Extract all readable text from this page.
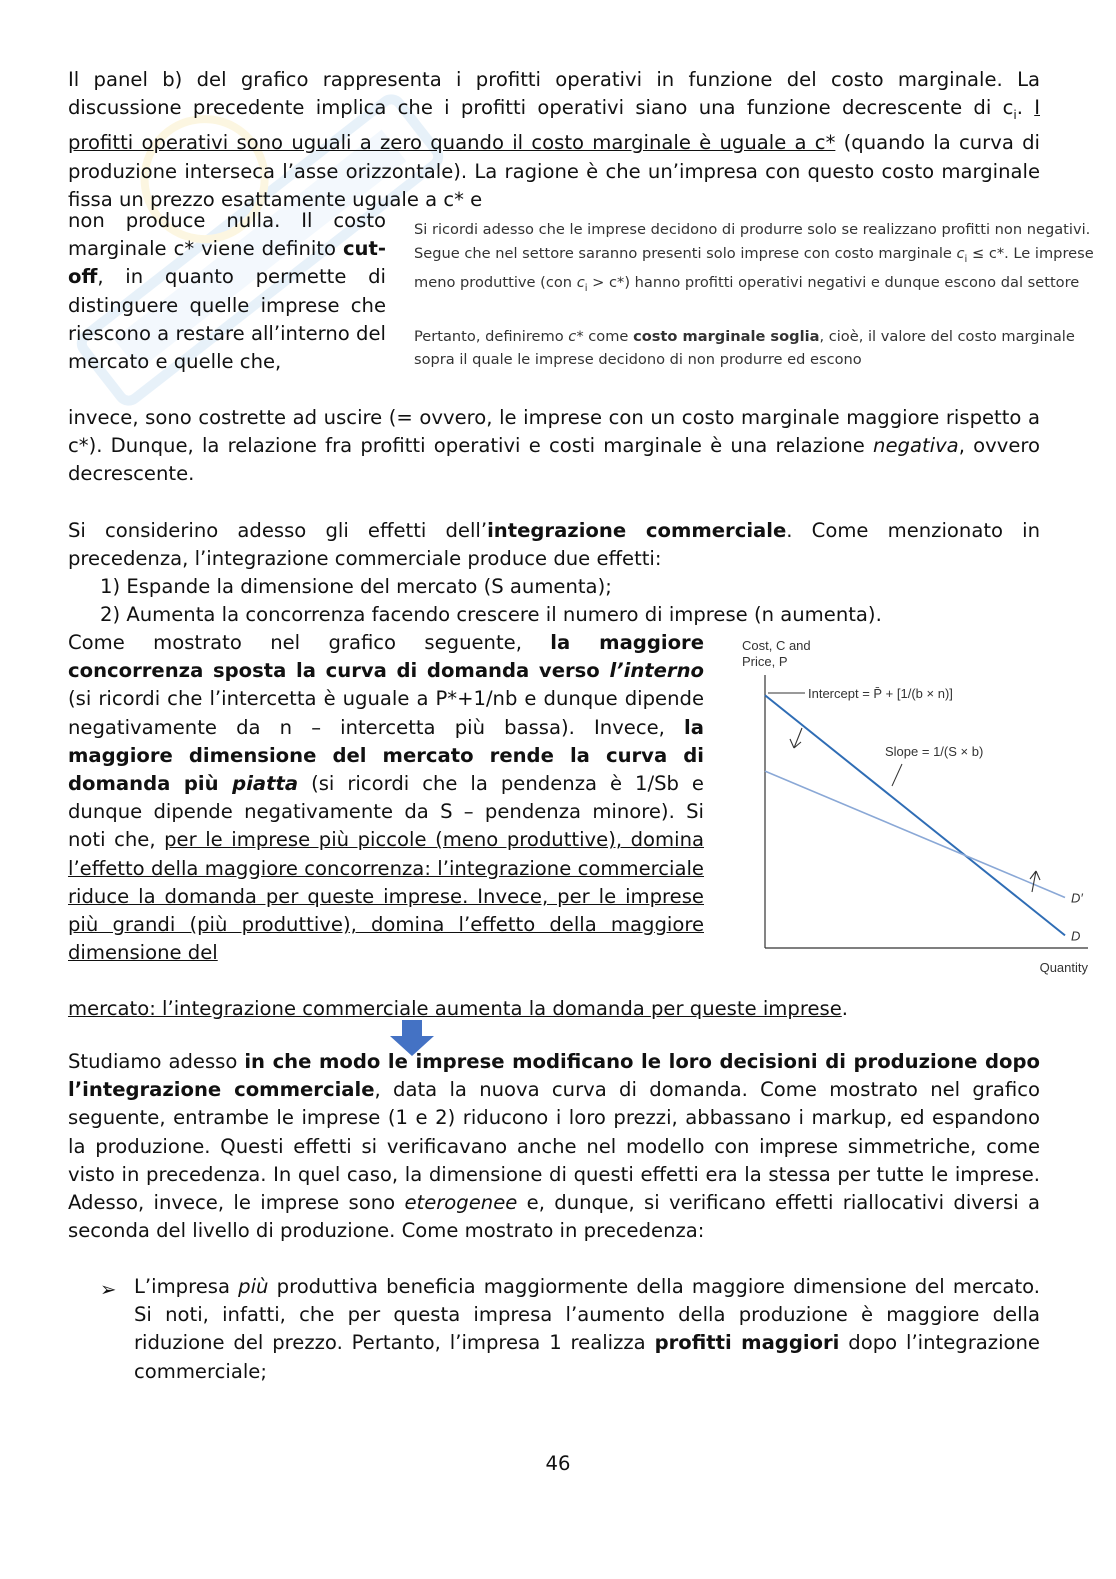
Il panel b) del grafico rappresenta i profitti operativi in funzione del costo marginale. La discussione precedente implica che i profitti operativi siano una funzione decrescente di $c_i$. I profitti operativi sono uguali a zero quando il costo marginale è uguale a c* (quando la curva di produzione interseca l’asse orizzontale). La ragione è che un’impresa con questo costo marginale fissa un prezzo esattamente uguale a c* e

non produce nulla. Il costo marginale c* viene definito cut-off, in quanto permette di distinguere quelle imprese che riescono a restare all’interno del mercato e quelle che,

Si ricordi adesso che le imprese decidono di produrre solo se realizzano profitti non negativi. Segue che nel settore saranno presenti solo imprese con costo marginale $c_i \le c*$. Le imprese meno produttive (con $c_i > c*$) hanno profitti operativi negativi e dunque escono dal settore

Pertanto, definiremo c* come costo marginale soglia, cioè, il valore del costo marginale sopra il quale le imprese decidono di non produrre ed escono

invece, sono costrette ad uscire (= ovvero, le imprese con un costo marginale maggiore rispetto a c*). Dunque, la relazione fra profitti operativi e costi marginale è una relazione negativa, ovvero decrescente.

Si considerino adesso gli effetti dell’integrazione commerciale. Come menzionato in precedenza, l’integrazione commerciale produce due effetti:

1) Espande la dimensione del mercato (S aumenta);
2) Aumenta la concorrenza facendo crescere il numero di imprese (n aumenta).

Come mostrato nel grafico seguente, la maggiore concorrenza sposta la curva di domanda verso l’interno (si ricordi che l’intercetta è uguale a P*+1/nb e dunque dipende negativamente da n – intercetta più bassa). Invece, la maggiore dimensione del mercato rende la curva di domanda più piatta (si ricordi che la pendenza è 1/Sb e dunque dipende negativamente da S – pendenza minore). Si noti che, per le imprese più piccole (meno produttive), domina l’effetto della maggiore concorrenza: l’integrazione commerciale riduce la domanda per queste imprese. Invece, per le imprese più grandi (più produttive), domina l’effetto della maggiore dimensione del

mercato: l’integrazione commerciale aumenta la domanda per queste imprese.

Cost, C and
Price, P
D
D′
Quantity
Intercept = P̄ + [1/(b × n)]
Slope = 1/(S × b)

Studiamo adesso in che modo le imprese modificano le loro decisioni di produzione dopo l’integrazione commerciale, data la nuova curva di domanda. Come mostrato nel grafico seguente, entrambe le imprese (1 e 2) riducono i loro prezzi, abbassano i markup, ed espandono la produzione. Questi effetti si verificavano anche nel modello con imprese simmetriche, come visto in precedenza. In quel caso, la dimensione di questi effetti era la stessa per tutte le imprese. Adesso, invece, le imprese sono eterogenee e, dunque, si verificano effetti riallocativi diversi a seconda del livello di produzione. Come mostrato in precedenza:

➢ L’impresa più produttiva beneficia maggiormente della maggiore dimensione del mercato. Si noti, infatti, che per questa impresa l’aumento della produzione è maggiore della riduzione del prezzo. Pertanto, l’impresa 1 realizza profitti maggiori dopo l’integrazione commerciale;
46
